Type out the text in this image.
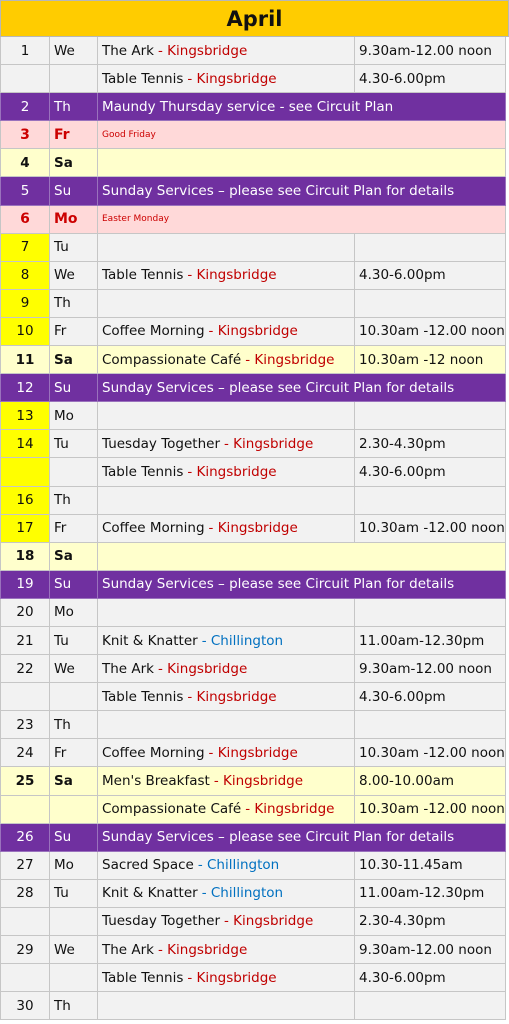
April
1	We	The Ark - Kingsbridge	9.30am-12.00 noon
Table Tennis - Kingsbridge	4.30-6.00pm
2	Th	Maundy Thursday service - see Circuit Plan
3	Fr	Good Friday
4	Sa
5	Su	Sunday Services – please see Circuit Plan for details
6	Mo	Easter Monday
7	Tu
8	We	Table Tennis - Kingsbridge	4.30-6.00pm
9	Th
10	Fr	Coffee Morning - Kingsbridge	10.30am -12.00 noon
11	Sa	Compassionate Café - Kingsbridge 10.30am -12 noon
12	Su	Sunday Services – please see Circuit Plan for details
13	Mo
14	Tu	Tuesday Together - Kingsbridge	2.30-4.30pm
Table Tennis - Kingsbridge	4.30-6.00pm
16	Th
17	Fr	Coffee Morning - Kingsbridge	10.30am -12.00 noon
18	Sa
19	Su	Sunday Services – please see Circuit Plan for details
20	Mo
21	Tu	Knit & Knatter - Chillington	11.00am-12.30pm
22	We	The Ark - Kingsbridge	9.30am-12.00 noon
Table Tennis - Kingsbridge	4.30-6.00pm
23	Th
24	Fr	Coffee Morning - Kingsbridge	10.30am -12.00 noon
25	Sa	Men's Breakfast - Kingsbridge	8.00-10.00am
Compassionate Café - Kingsbridge 10.30am -12.00 noon
26	Su	Sunday Services – please see Circuit Plan for details
27	Mo	Sacred Space - Chillington	10.30-11.45am
28	Tu	Knit & Knatter - Chillington	11.00am-12.30pm
Tuesday Together - Kingsbridge	2.30-4.30pm
29	We	The Ark - Kingsbridge	9.30am-12.00 noon
Table Tennis - Kingsbridge	4.30-6.00pm
30	Th
